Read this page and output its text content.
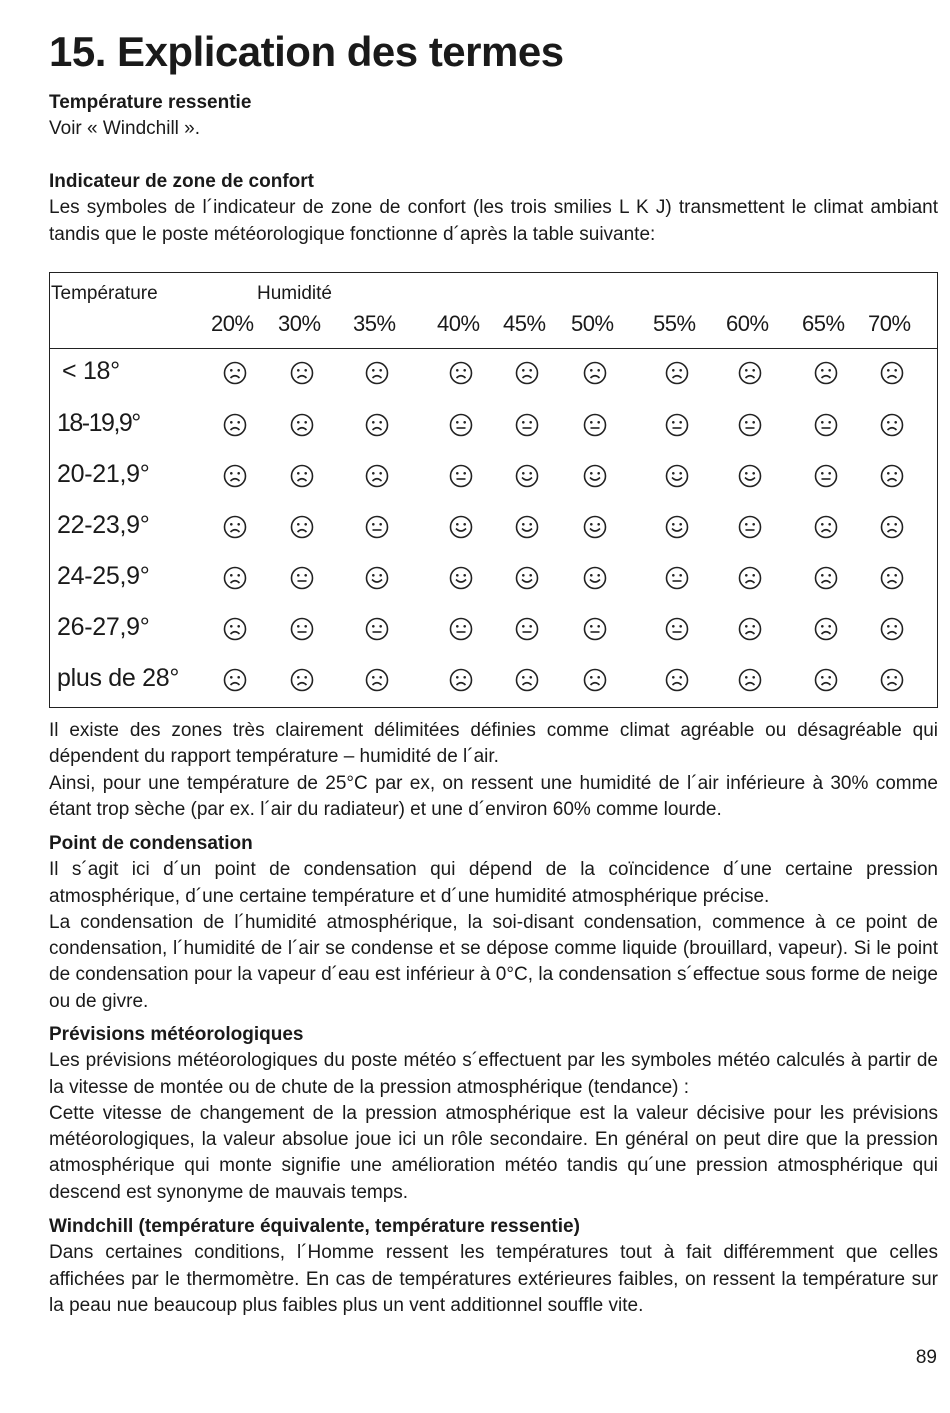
15. Explication des termes

Température ressentie

Voir « Windchill ».

Indicateur de zone de confort

Les symboles de l´indicateur de zone de confort (les trois smilies L K J) transmettent le climat ambiant tandis que le poste météorologique fonctionne d´après la table suivante:

Température	Humidité
20% 30% 35% 40% 45% 50% 55% 60% 65% 70%
< 18°
18-19,9°
20-21,9°
22-23,9°
24-25,9°
26-27,9°
plus de 28°

Il existe des zones très clairement délimitées définies comme climat agréable ou désagréable qui dépendent du rapport température – humidité de l´air.

Ainsi, pour une température de 25°C par ex, on ressent une humidité de l´air inférieure à 30% comme étant trop sèche (par ex. l´air du radiateur) et une d´environ 60% comme lourde.

Point de condensation

Il s´agit ici d´un point de condensation qui dépend de la coïncidence d´une certaine pression atmosphérique, d´une certaine température et d´une humidité atmosphérique précise.

La condensation de l´humidité atmosphérique, la soi-disant condensation, commence à ce point de condensation, l´humidité de l´air se condense et se dépose comme liquide (brouillard, vapeur). Si le point de condensation pour la vapeur d´eau est inférieur à 0°C, la condensation s´effectue sous forme de neige ou de givre.

Prévisions météorologiques

Les prévisions météorologiques du poste météo s´effectuent par les symboles météo calculés à partir de la vitesse de montée ou de chute de la pression atmosphérique (tendance) :

Cette vitesse de changement de la pression atmosphérique est la valeur décisive pour les prévisions météorologiques, la valeur absolue joue ici un rôle secondaire. En général on peut dire que la pression atmosphérique qui monte signifie une amélioration météo tandis qu´une pression atmosphérique qui descend est synonyme de mauvais temps.

Windchill (température équivalente, température ressentie)

Dans certaines conditions, l´Homme ressent les températures tout à fait différemment que celles affichées par le thermomètre. En cas de températures extérieures faibles, on ressent la température sur la peau nue beaucoup plus faibles plus un vent additionnel souffle vite.

89
